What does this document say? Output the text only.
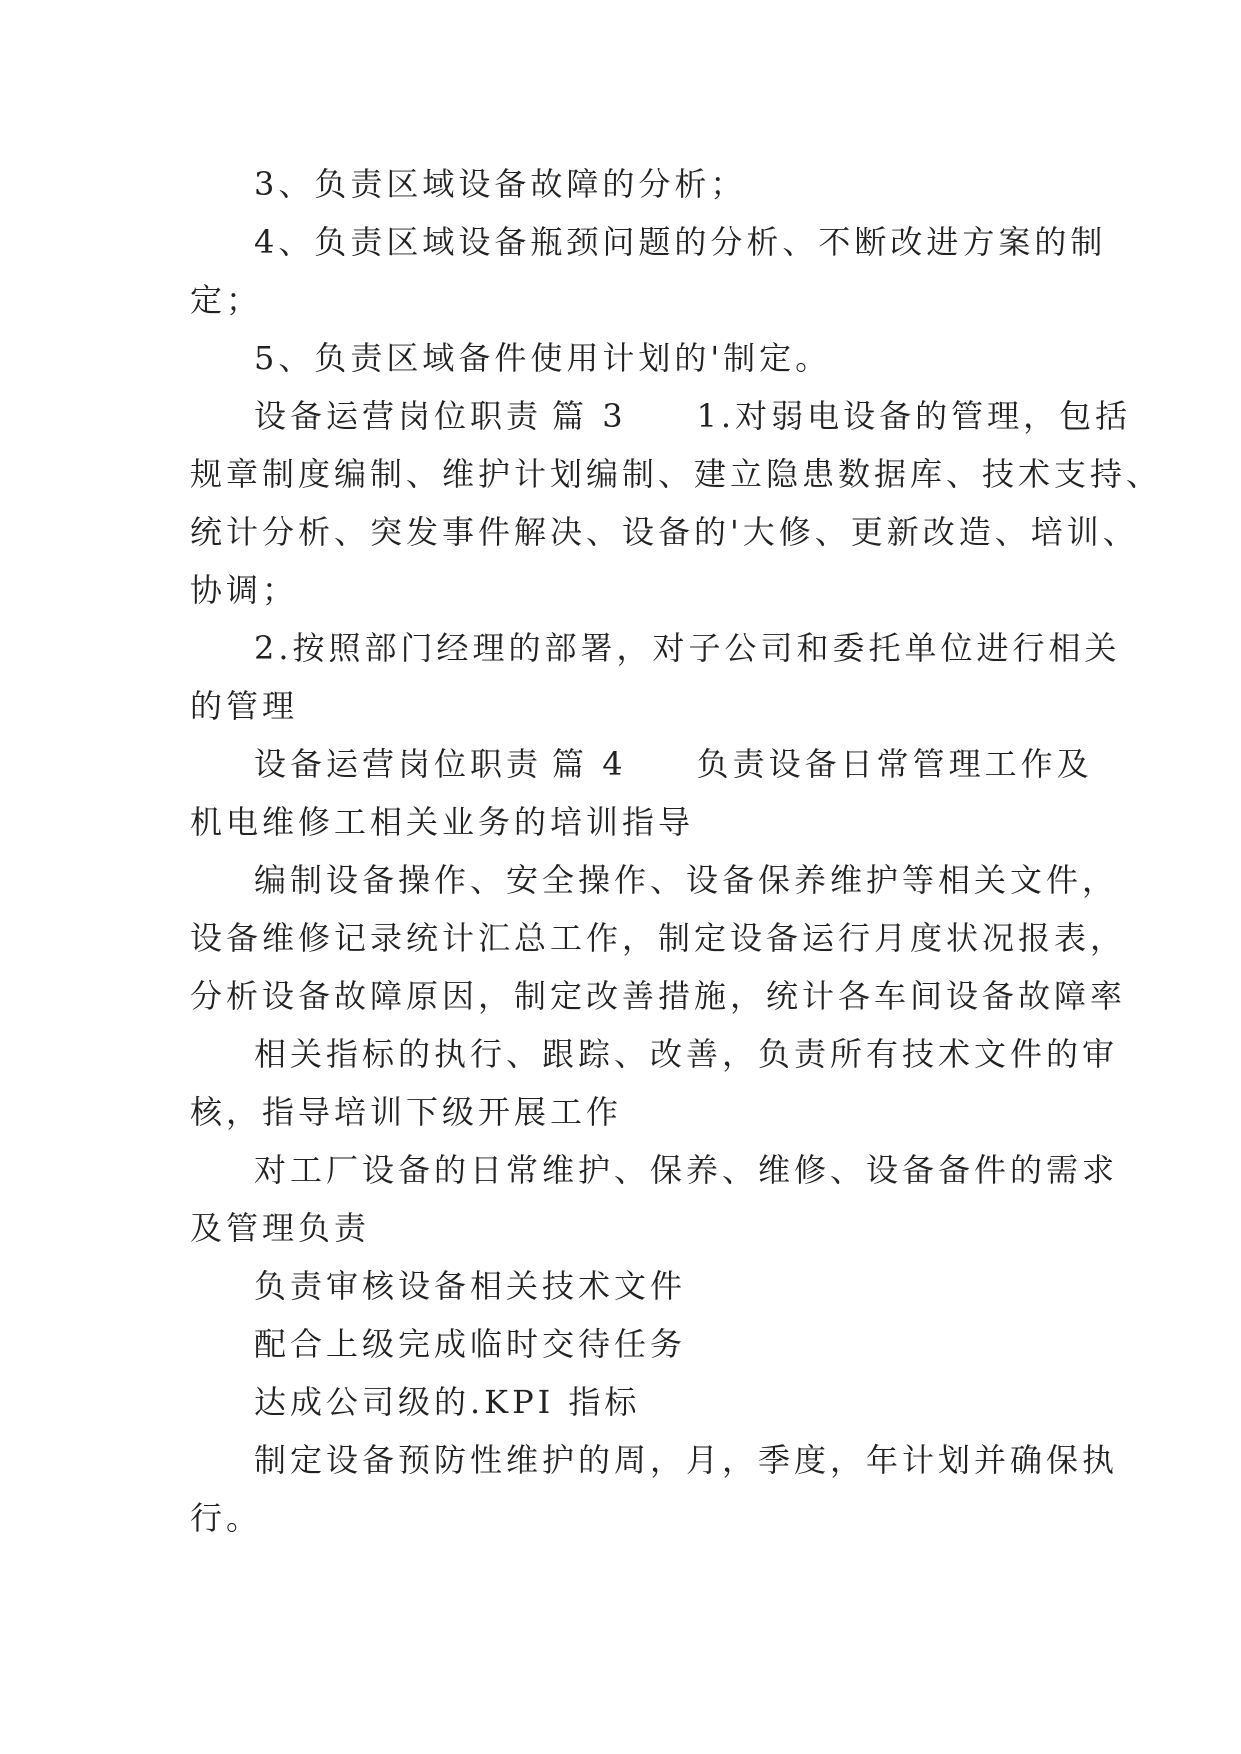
3、负责区域设备故障的分析；
4、负责区域设备瓶颈问题的分析、不断改进方案的制
定；
5、负责区域备件使用计划的'制定。
设备运营岗位职责 篇 3 1.对弱电设备的管理，包括
规章制度编制、维护计划编制、建立隐患数据库、技术支持、
统计分析、突发事件解决、设备的'大修、更新改造、培训、
协调；
2.按照部门经理的部署，对子公司和委托单位进行相关
的管理
设备运营岗位职责 篇 4 负责设备日常管理工作及
机电维修工相关业务的培训指导
编制设备操作、安全操作、设备保养维护等相关文件，
设备维修记录统计汇总工作，制定设备运行月度状况报表，
分析设备故障原因，制定改善措施，统计各车间设备故障率
相关指标的执行、跟踪、改善，负责所有技术文件的审
核，指导培训下级开展工作
对工厂设备的日常维护、保养、维修、设备备件的需求
及管理负责
负责审核设备相关技术文件
配合上级完成临时交待任务
达成公司级的.KPI 指标
制定设备预防性维护的周，月，季度，年计划并确保执
行。
